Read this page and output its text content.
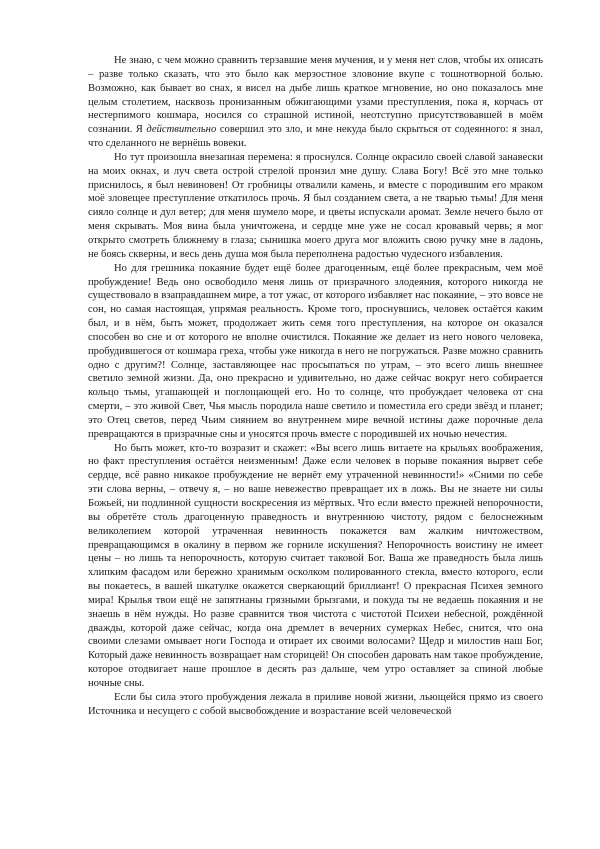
Не знаю, с чем можно сравнить терзавшие меня мучения, и у меня нет слов, чтобы их описать – разве только сказать, что это было как мерзостное зловоние вкупе с тошнотворной болью. Возможно, как бывает во снах, я висел на дыбе лишь краткое мгновение, но оно показалось мне целым столетием, насквозь пронизанным обжигающими узами преступления, пока я, корчась от нестерпимого кошмара, носился со страшной истиной, неотступно присутствовавшей в моём сознании. Я действительно совершил это зло, и мне некуда было скрыться от содеянного: я знал, что сделанного не вернёшь вовеки.

Но тут произошла внезапная перемена: я проснулся. Солнце окрасило своей славой занавески на моих окнах, и луч света острой стрелой пронзил мне душу. Слава Богу! Всё это мне только приснилось, я был невиновен! От гробницы отвалили камень, и вместе с породившим его мраком моё зловещее преступление откатилось прочь. Я был созданием света, а не тварью тьмы! Для меня сияло солнце и дул ветер; для меня шумело море, и цветы испускали аромат. Земле нечего было от меня скрывать. Моя вина была уничтожена, и сердце мне уже не сосал кровавый червь; я мог открыто смотреть ближнему в глаза; сынишка моего друга мог вложить свою ручку мне в ладонь, не боясь скверны, и весь день душа моя была переполнена радостью чудесного избавления.

Но для грешника покаяние будет ещё более драгоценным, ещё более прекрасным, чем моё пробуждение! Ведь оно освободило меня лишь от призрачного злодеяния, которого никогда не существовало в взаправдашнем мире, а тот ужас, от которого избавляет нас покаяние, – это вовсе не сон, но самая настоящая, упрямая реальность. Кроме того, проснувшись, человек остаётся каким был, и в нём, быть может, продолжает жить семя того преступления, на которое он оказался способен во сне и от которого не вполне очистился. Покаяние же делает из него нового человека, пробудившегося от кошмара греха, чтобы уже никогда в него не погружаться. Разве можно сравнить одно с другим?! Солнце, заставляющее нас просыпаться по утрам, – это всего лишь внешнее светило земной жизни. Да, оно прекрасно и удивительно, но даже сейчас вокруг него собирается кольцо тьмы, угашающей и поглощающей его. Но то солнце, что пробуждает человека от сна смерти, – это живой Свет, Чья мысль породила наше светило и поместила его среди звёзд и планет; это Отец светов, перед Чьим сиянием во внутреннем мире вечной истины даже порочные дела превращаются в призрачные сны и уносятся прочь вместе с породившей их ночью нечестия.

Но быть может, кто-то возразит и скажет: «Вы всего лишь витаете на крыльях воображения, но факт преступления остаётся неизменным! Даже если человек в порыве покаяния вырвет себе сердце, всё равно никакое пробуждение не вернёт ему утраченной невинности!» «Сними по себе эти слова верны, – отвечу я, – но ваше невежество превращает их в ложь. Вы не знаете ни силы Божьей, ни подлинной сущности воскресения из мёртвых. Что если вместо прежней непорочности, вы обретёте столь драгоценную праведность и внутреннюю чистоту, рядом с белоснежным великолепием которой утраченная невинность покажется вам жалким ничтожеством, превращающимся в окалину в первом же горниле искушения? Непорочность воистину не имеет цены – но лишь та непорочность, которую считает таковой Бог. Ваша же праведность была лишь хлипким фасадом или бережно хранимым осколком полированного стекла, вместо которого, если вы покаетесь, в вашей шкатулке окажется сверкающий бриллиант! О прекрасная Психея земного мира! Крылья твои ещё не запятнаны грязными брызгами, и покуда ты не ведаешь покаяния и не знаешь в нём нужды. Но разве сравнится твоя чистота с чистотой Психеи небесной, рождённой дважды, которой даже сейчас, когда она дремлет в вечерних сумерках Небес, снится, что она своими слезами омывает ноги Господа и отирает их своими волосами? Щедр и милостив наш Бог, Который даже невинность возвращает нам сторицей! Он способен даровать нам такое пробуждение, которое отодвигает наше прошлое в десять раз дальше, чем утро оставляет за спиной любые ночные сны.

Если бы сила этого пробуждения лежала в приливе новой жизни, льющейся прямо из своего Источника и несущего с собой высвобождение и возрастание всей человеческой
